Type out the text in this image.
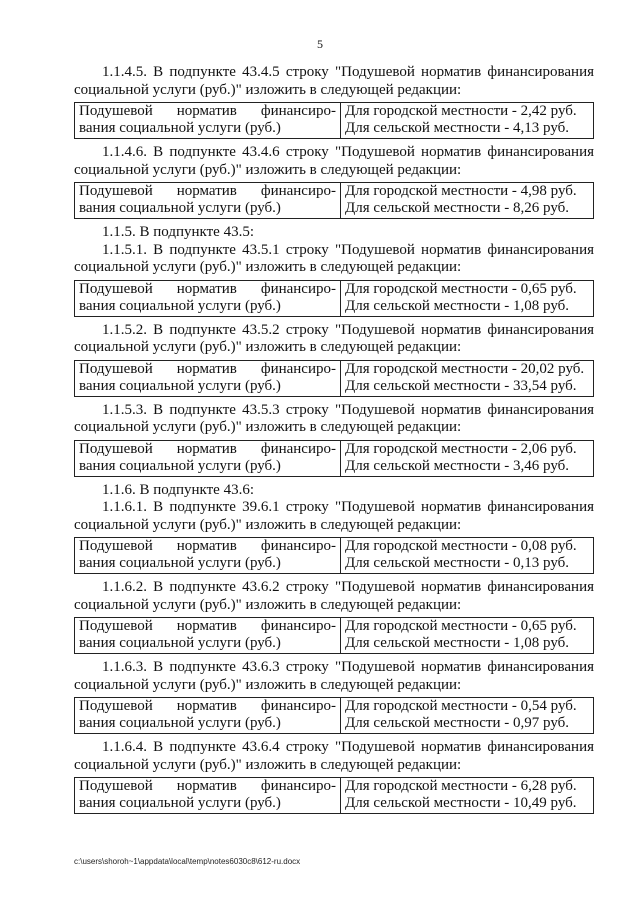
5

1.1.4.5. В подпункте 43.4.5 строку "Подушевой норматив финансирования социальной услуги (руб.)" изложить в следующей редакции:

Подушевой норматив финансиро-
вания социальной услуги (руб.)

Для городской местности - 2,42 руб.
Для сельской местности - 4,13 руб.

1.1.4.6. В подпункте 43.4.6 строку "Подушевой норматив финансирования социальной услуги (руб.)" изложить в следующей редакции:

Подушевой норматив финансиро-
вания социальной услуги (руб.)

Для городской местности - 4,98 руб.
Для сельской местности - 8,26 руб.

1.1.5. В подпункте 43.5:

1.1.5.1. В подпункте 43.5.1 строку "Подушевой норматив финансирования социальной услуги (руб.)" изложить в следующей редакции:

Подушевой норматив финансиро-
вания социальной услуги (руб.)

Для городской местности - 0,65 руб.
Для сельской местности - 1,08 руб.

1.1.5.2. В подпункте 43.5.2 строку "Подушевой норматив финансирования социальной услуги (руб.)" изложить в следующей редакции:

Подушевой норматив финансиро-
вания социальной услуги (руб.)

Для городской местности - 20,02 руб.
Для сельской местности - 33,54 руб.

1.1.5.3. В подпункте 43.5.3 строку "Подушевой норматив финансирования социальной услуги (руб.)" изложить в следующей редакции:

Подушевой норматив финансиро-
вания социальной услуги (руб.)

Для городской местности - 2,06 руб.
Для сельской местности - 3,46 руб.

1.1.6. В подпункте 43.6:

1.1.6.1. В подпункте 39.6.1 строку "Подушевой норматив финансирования социальной услуги (руб.)" изложить в следующей редакции:

Подушевой норматив финансиро-
вания социальной услуги (руб.)

Для городской местности - 0,08 руб.
Для сельской местности - 0,13 руб.

1.1.6.2. В подпункте 43.6.2 строку "Подушевой норматив финансирования социальной услуги (руб.)" изложить в следующей редакции:

Подушевой норматив финансиро-
вания социальной услуги (руб.)

Для городской местности - 0,65 руб.
Для сельской местности - 1,08 руб.

1.1.6.3. В подпункте 43.6.3 строку "Подушевой норматив финансирования социальной услуги (руб.)" изложить в следующей редакции:

Подушевой норматив финансиро-
вания социальной услуги (руб.)

Для городской местности - 0,54 руб.
Для сельской местности - 0,97 руб.

1.1.6.4. В подпункте 43.6.4 строку "Подушевой норматив финансирования социальной услуги (руб.)" изложить в следующей редакции:

Подушевой норматив финансиро-
вания социальной услуги (руб.)

Для городской местности - 6,28 руб.
Для сельской местности - 10,49 руб.
c:\users\shoroh~1\appdata\local\temp\notes6030c8\612-ru.docx
